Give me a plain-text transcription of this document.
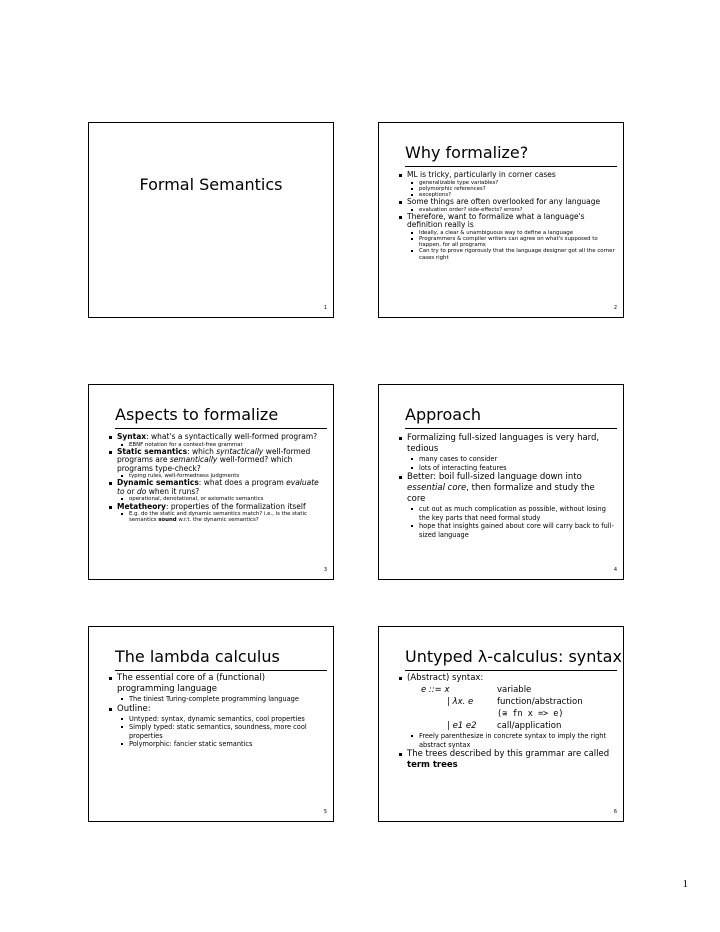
Formal Semantics
1
Why formalize?
ML is tricky, particularly in corner cases
generalizable type variables?
polymorphic references?
exceptions?
Some things are often overlooked for any language
evaluation order? side-effects? errors?
Therefore, want to formalize what a language's definition really is
Ideally, a clear & unambiguous way to define a language
Programmers & compiler writers can agree on what's supposed to happen, for all programs
Can try to prove rigorously that the language designer got all the corner cases right
2
Aspects to formalize
Syntax: what's a syntactically well-formed program?
EBNF notation for a context-free grammar
Static semantics: which syntactically well-formed programs are semantically well-formed? which programs type-check?
typing rules, well-formedness judgments
Dynamic semantics: what does a program evaluate to or do when it runs?
operational, denotational, or axiomatic semantics
Metatheory: properties of the formalization itself
E.g. do the static and dynamic semantics match? i.e., is the static semantics sound w.r.t. the dynamic semantics?
3
Approach
Formalizing full-sized languages is very hard, tedious
many cases to consider
lots of interacting features
Better: boil full-sized language down into essential core, then formalize and study the core
cut out as much complication as possible, without losing the key parts that need formal study
hope that insights gained about core will carry back to full-sized language
4
The lambda calculus
The essential core of a (functional) programming language
The tiniest Turing-complete programming language
Outline:
Untyped: syntax, dynamic semantics, cool properties
Simply typed: static semantics, soundness, more cool properties
Polymorphic: fancier static semantics
5
Untyped λ-calculus: syntax
(Abstract) syntax:
e ::= x	variable
| λx. e	function/abstraction
(≅ fn x => e)
| e1 e2 call/application
Freely parenthesize in concrete syntax to imply the right abstract syntax
The trees described by this grammar are called term trees
6
1
